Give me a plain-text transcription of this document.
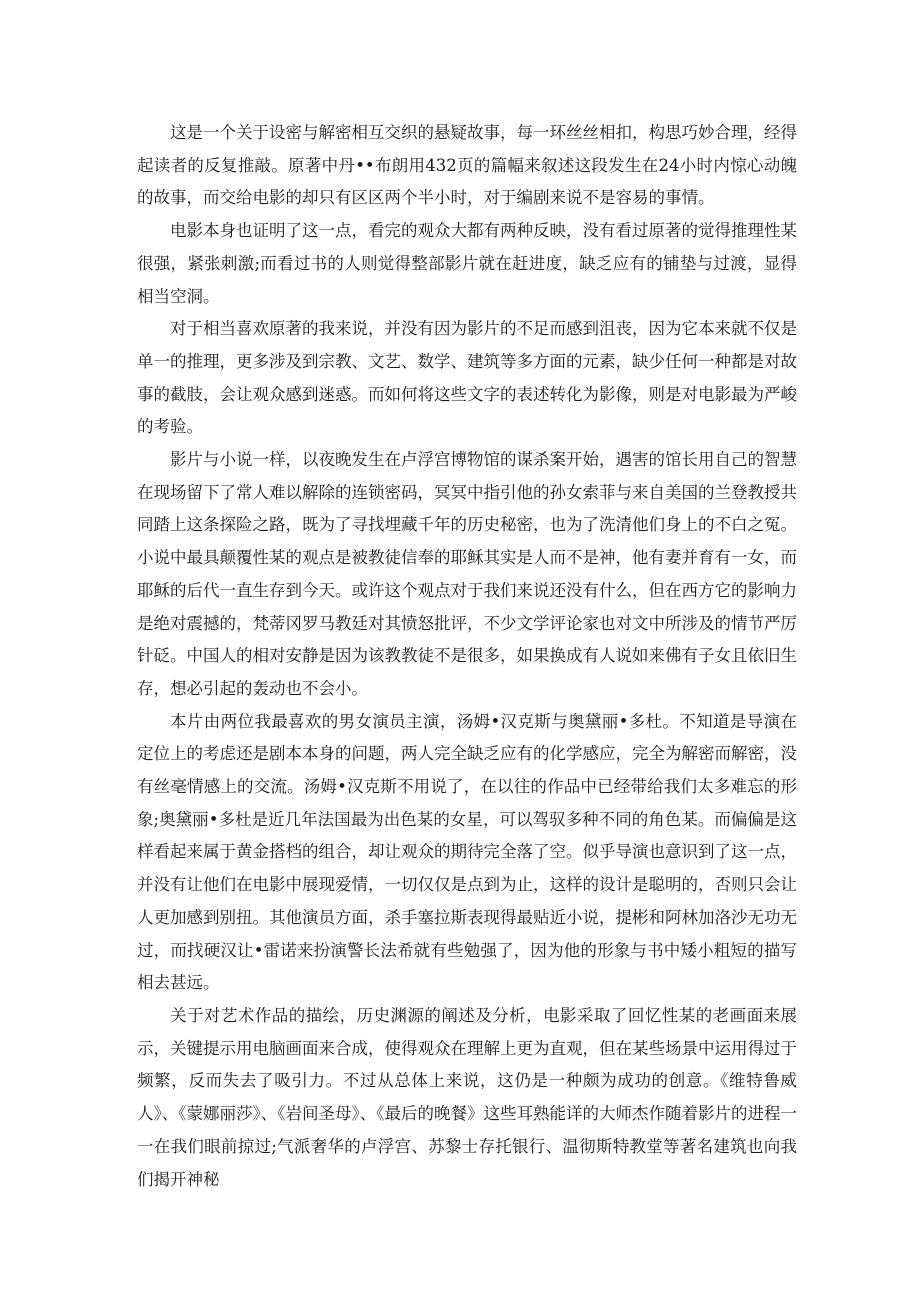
这是一个关于设密与解密相互交织的悬疑故事，每一环丝丝相扣，构思巧妙合理，经得起读者的反复推敲。原著中丹••布朗用432页的篇幅来叙述这段发生在24小时内惊心动魄的故事，而交给电影的却只有区区两个半小时，对于编剧来说不是容易的事情。

电影本身也证明了这一点，看完的观众大都有两种反映，没有看过原著的觉得推理性某很强，紧张刺激;而看过书的人则觉得整部影片就在赶进度，缺乏应有的铺垫与过渡，显得相当空洞。

对于相当喜欢原著的我来说，并没有因为影片的不足而感到沮丧，因为它本来就不仅是单一的推理，更多涉及到宗教、文艺、数学、建筑等多方面的元素，缺少任何一种都是对故事的截肢，会让观众感到迷惑。而如何将这些文字的表述转化为影像，则是对电影最为严峻的考验。

影片与小说一样，以夜晚发生在卢浮宫博物馆的谋杀案开始，遇害的馆长用自己的智慧在现场留下了常人难以解除的连锁密码，冥冥中指引他的孙女索菲与来自美国的兰登教授共同踏上这条探险之路，既为了寻找埋藏千年的历史秘密，也为了洗清他们身上的不白之冤。小说中最具颠覆性某的观点是被教徒信奉的耶稣其实是人而不是神，他有妻并育有一女，而耶稣的后代一直生存到今天。或许这个观点对于我们来说还没有什么，但在西方它的影响力是绝对震撼的，梵蒂冈罗马教廷对其愤怒批评，不少文学评论家也对文中所涉及的情节严厉针砭。中国人的相对安静是因为该教教徒不是很多，如果换成有人说如来佛有子女且依旧生存，想必引起的轰动也不会小。

本片由两位我最喜欢的男女演员主演，汤姆•汉克斯与奥黛丽•多杜。不知道是导演在定位上的考虑还是剧本本身的问题，两人完全缺乏应有的化学感应，完全为解密而解密，没有丝毫情感上的交流。汤姆•汉克斯不用说了，在以往的作品中已经带给我们太多难忘的形象;奥黛丽•多杜是近几年法国最为出色某的女星，可以驾驭多种不同的角色某。而偏偏是这样看起来属于黄金搭档的组合，却让观众的期待完全落了空。似乎导演也意识到了这一点，并没有让他们在电影中展现爱情，一切仅仅是点到为止，这样的设计是聪明的，否则只会让人更加感到别扭。其他演员方面，杀手塞拉斯表现得最贴近小说，提彬和阿林加洛沙无功无过，而找硬汉让•雷诺来扮演警长法希就有些勉强了，因为他的形象与书中矮小粗短的描写相去甚远。

关于对艺术作品的描绘，历史渊源的阐述及分析，电影采取了回忆性某的老画面来展示，关键提示用电脑画面来合成，使得观众在理解上更为直观，但在某些场景中运用得过于频繁，反而失去了吸引力。不过从总体上来说，这仍是一种颇为成功的创意。《维特鲁威人》、《蒙娜丽莎》、《岩间圣母》、《最后的晚餐》这些耳熟能详的大师杰作随着影片的进程一一在我们眼前掠过;气派奢华的卢浮宫、苏黎士存托银行、温彻斯特教堂等著名建筑也向我们揭开神秘
